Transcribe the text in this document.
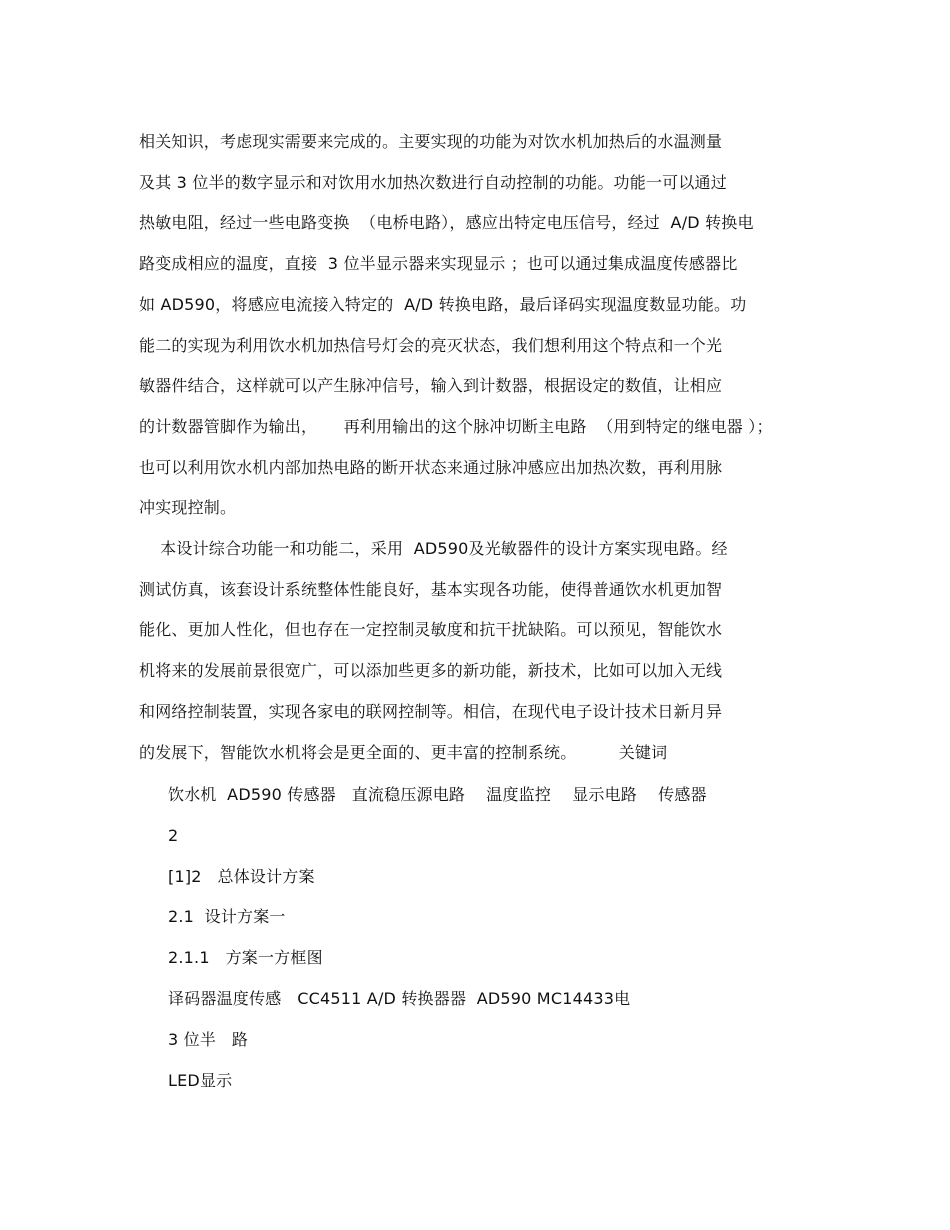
相关知识，考虑现实需要来完成的。主要实现的功能为对饮水机加热后的水温测量
及其 3 位半的数字显示和对饮用水加热次数进行自动控制的功能。功能一可以通过
热敏电阻，经过一些电路变换  （电桥电路），感应出特定电压信号，经过  A/D 转换电
路变成相应的温度，直接  3 位半显示器来实现显示 ；也可以通过集成温度传感器比
如 AD590，将感应电流接入特定的  A/D 转换电路，最后译码实现温度数显功能。功
能二的实现为利用饮水机加热信号灯会的亮灭状态，我们想利用这个特点和一个光
敏器件结合，这样就可以产生脉冲信号，输入到计数器，根据设定的数值，让相应
的计数器管脚作为输出，     再利用输出的这个脉冲切断主电路  （用到特定的继电器 ）；
也可以利用饮水机内部加热电路的断开状态来通过脉冲感应出加热次数，再利用脉
冲实现控制。
本设计综合功能一和功能二，采用  AD590及光敏器件的设计方案实现电路。经
测试仿真，该套设计系统整体性能良好，基本实现各功能，使得普通饮水机更加智
能化、更加人性化，但也存在一定控制灵敏度和抗干扰缺陷。可以预见，智能饮水
机将来的发展前景很宽广，可以添加些更多的新功能，新技术，比如可以加入无线
和网络控制装置，实现各家电的联网控制等。相信，在现代电子设计技术日新月异
的发展下，智能饮水机将会是更全面的、更丰富的控制系统。        关键词
饮水机  AD590 传感器   直流稳压源电路    温度监控    显示电路    传感器
2
[1]2   总体设计方案
2.1  设计方案一
2.1.1   方案一方框图
译码器温度传感   CC4511 A/D 转换器器  AD590 MC14433电
3 位半   路
LED显示
